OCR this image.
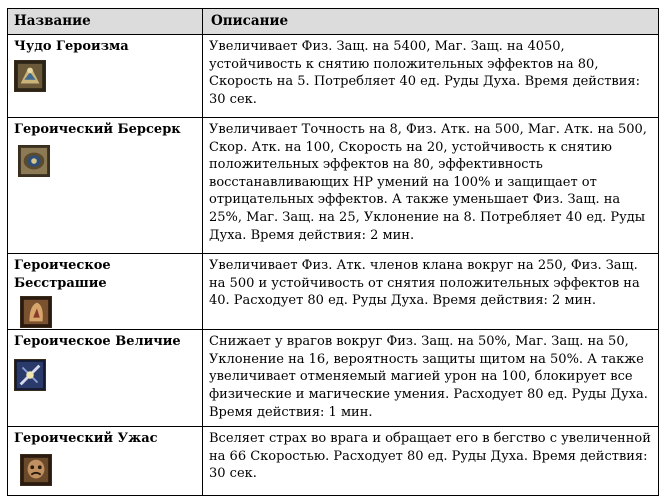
Название	Описание

Чудо Героизма	Увеличивает Физ. Защ. на 5400, Маг. Защ. на 4050, устойчивость к снятию положительных эффектов на 80, Скорость на 5. Потребляет 40 ед. Руды Духа. Время действия: 30 сек.

Героический Берсерк	Увеличивает Точность на 8, Физ. Атк. на 500, Маг. Атк. на 500, Скор. Атк. на 100, Скорость на 20, устойчивость к снятию положительных эффектов на 80, эффективность восстанавливающих HP умений на 100% и защищает от отрицательных эффектов. А также уменьшает Физ. Защ. на 25%, Маг. Защ. на 25, Уклонение на 8. Потребляет 40 ед. Руды Духа. Время действия: 2 мин.

Героическое Бесстрашие	Увеличивает Физ. Атк. членов клана вокруг на 250, Физ. Защ. на 500 и устойчивость от снятия положительных эффектов на 40. Расходует 80 ед. Руды Духа. Время действия: 2 мин.

Героическое Величие	Снижает у врагов вокруг Физ. Защ. на 50%, Маг. Защ. на 50, Уклонение на 16, вероятность защиты щитом на 50%. А также увеличивает отменяемый магией урон на 100, блокирует все физические и магические умения. Расходует 80 ед. Руды Духа. Время действия: 1 мин.

Героический Ужас	Вселяет страх во врага и обращает его в бегство с увеличенной на 66 Скоростью. Расходует 80 ед. Руды Духа. Время действия: 30 сек.
